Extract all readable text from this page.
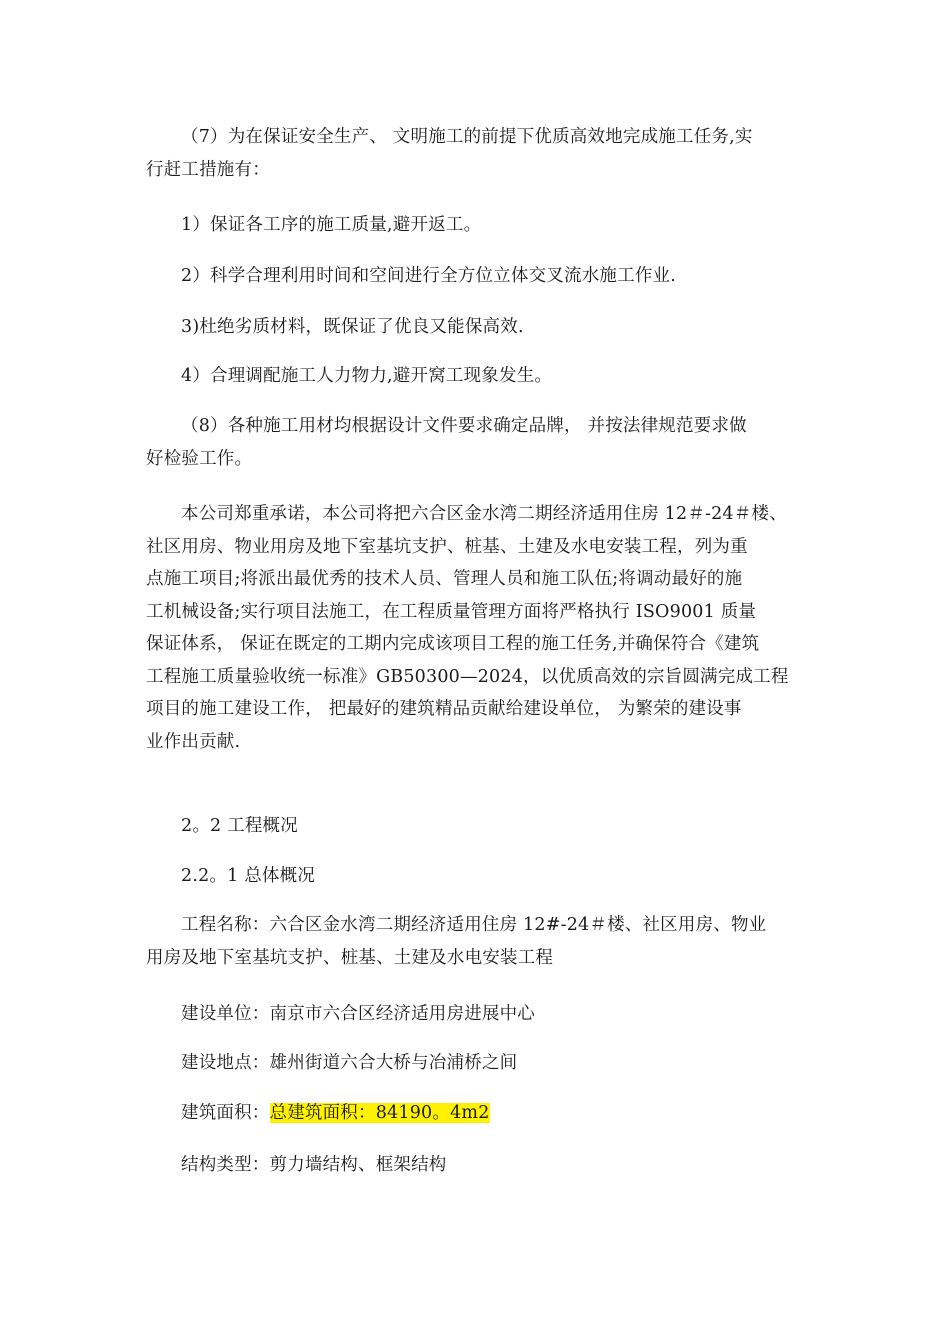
（7）为在保证安全生产、 文明施工的前提下优质高效地完成施工任务,实
行赶工措施有：

1）保证各工序的施工质量,避开返工。

2）科学合理利用时间和空间进行全方位立体交叉流水施工作业.

3)杜绝劣质材料，既保证了优良又能保高效.

4）合理调配施工人力物力,避开窝工现象发生。

（8）各种施工用材均根据设计文件要求确定品牌， 并按法律规范要求做
好检验工作。

本公司郑重承诺，本公司将把六合区金水湾二期经济适用住房 12＃-24＃楼、
社区用房、物业用房及地下室基坑支护、桩基、土建及水电安装工程，列为重
点施工项目;将派出最优秀的技术人员、管理人员和施工队伍;将调动最好的施
工机械设备;实行项目法施工，在工程质量管理方面将严格执行 ISO9001 质量
保证体系， 保证在既定的工期内完成该项目工程的施工任务,并确保符合《建筑
工程施工质量验收统一标准》GB50300—2024，以优质高效的宗旨圆满完成工程
项目的施工建设工作， 把最好的建筑精品贡献给建设单位， 为繁荣的建设事
业作出贡献.

2。2 工程概况

2.2。1 总体概况

工程名称：六合区金水湾二期经济适用住房 12#-24＃楼、社区用房、物业
用房及地下室基坑支护、桩基、土建及水电安装工程

建设单位：南京市六合区经济适用房进展中心

建设地点：雄州街道六合大桥与冶浦桥之间

建筑面积：总建筑面积：84190。4m2

结构类型：剪力墙结构、框架结构
